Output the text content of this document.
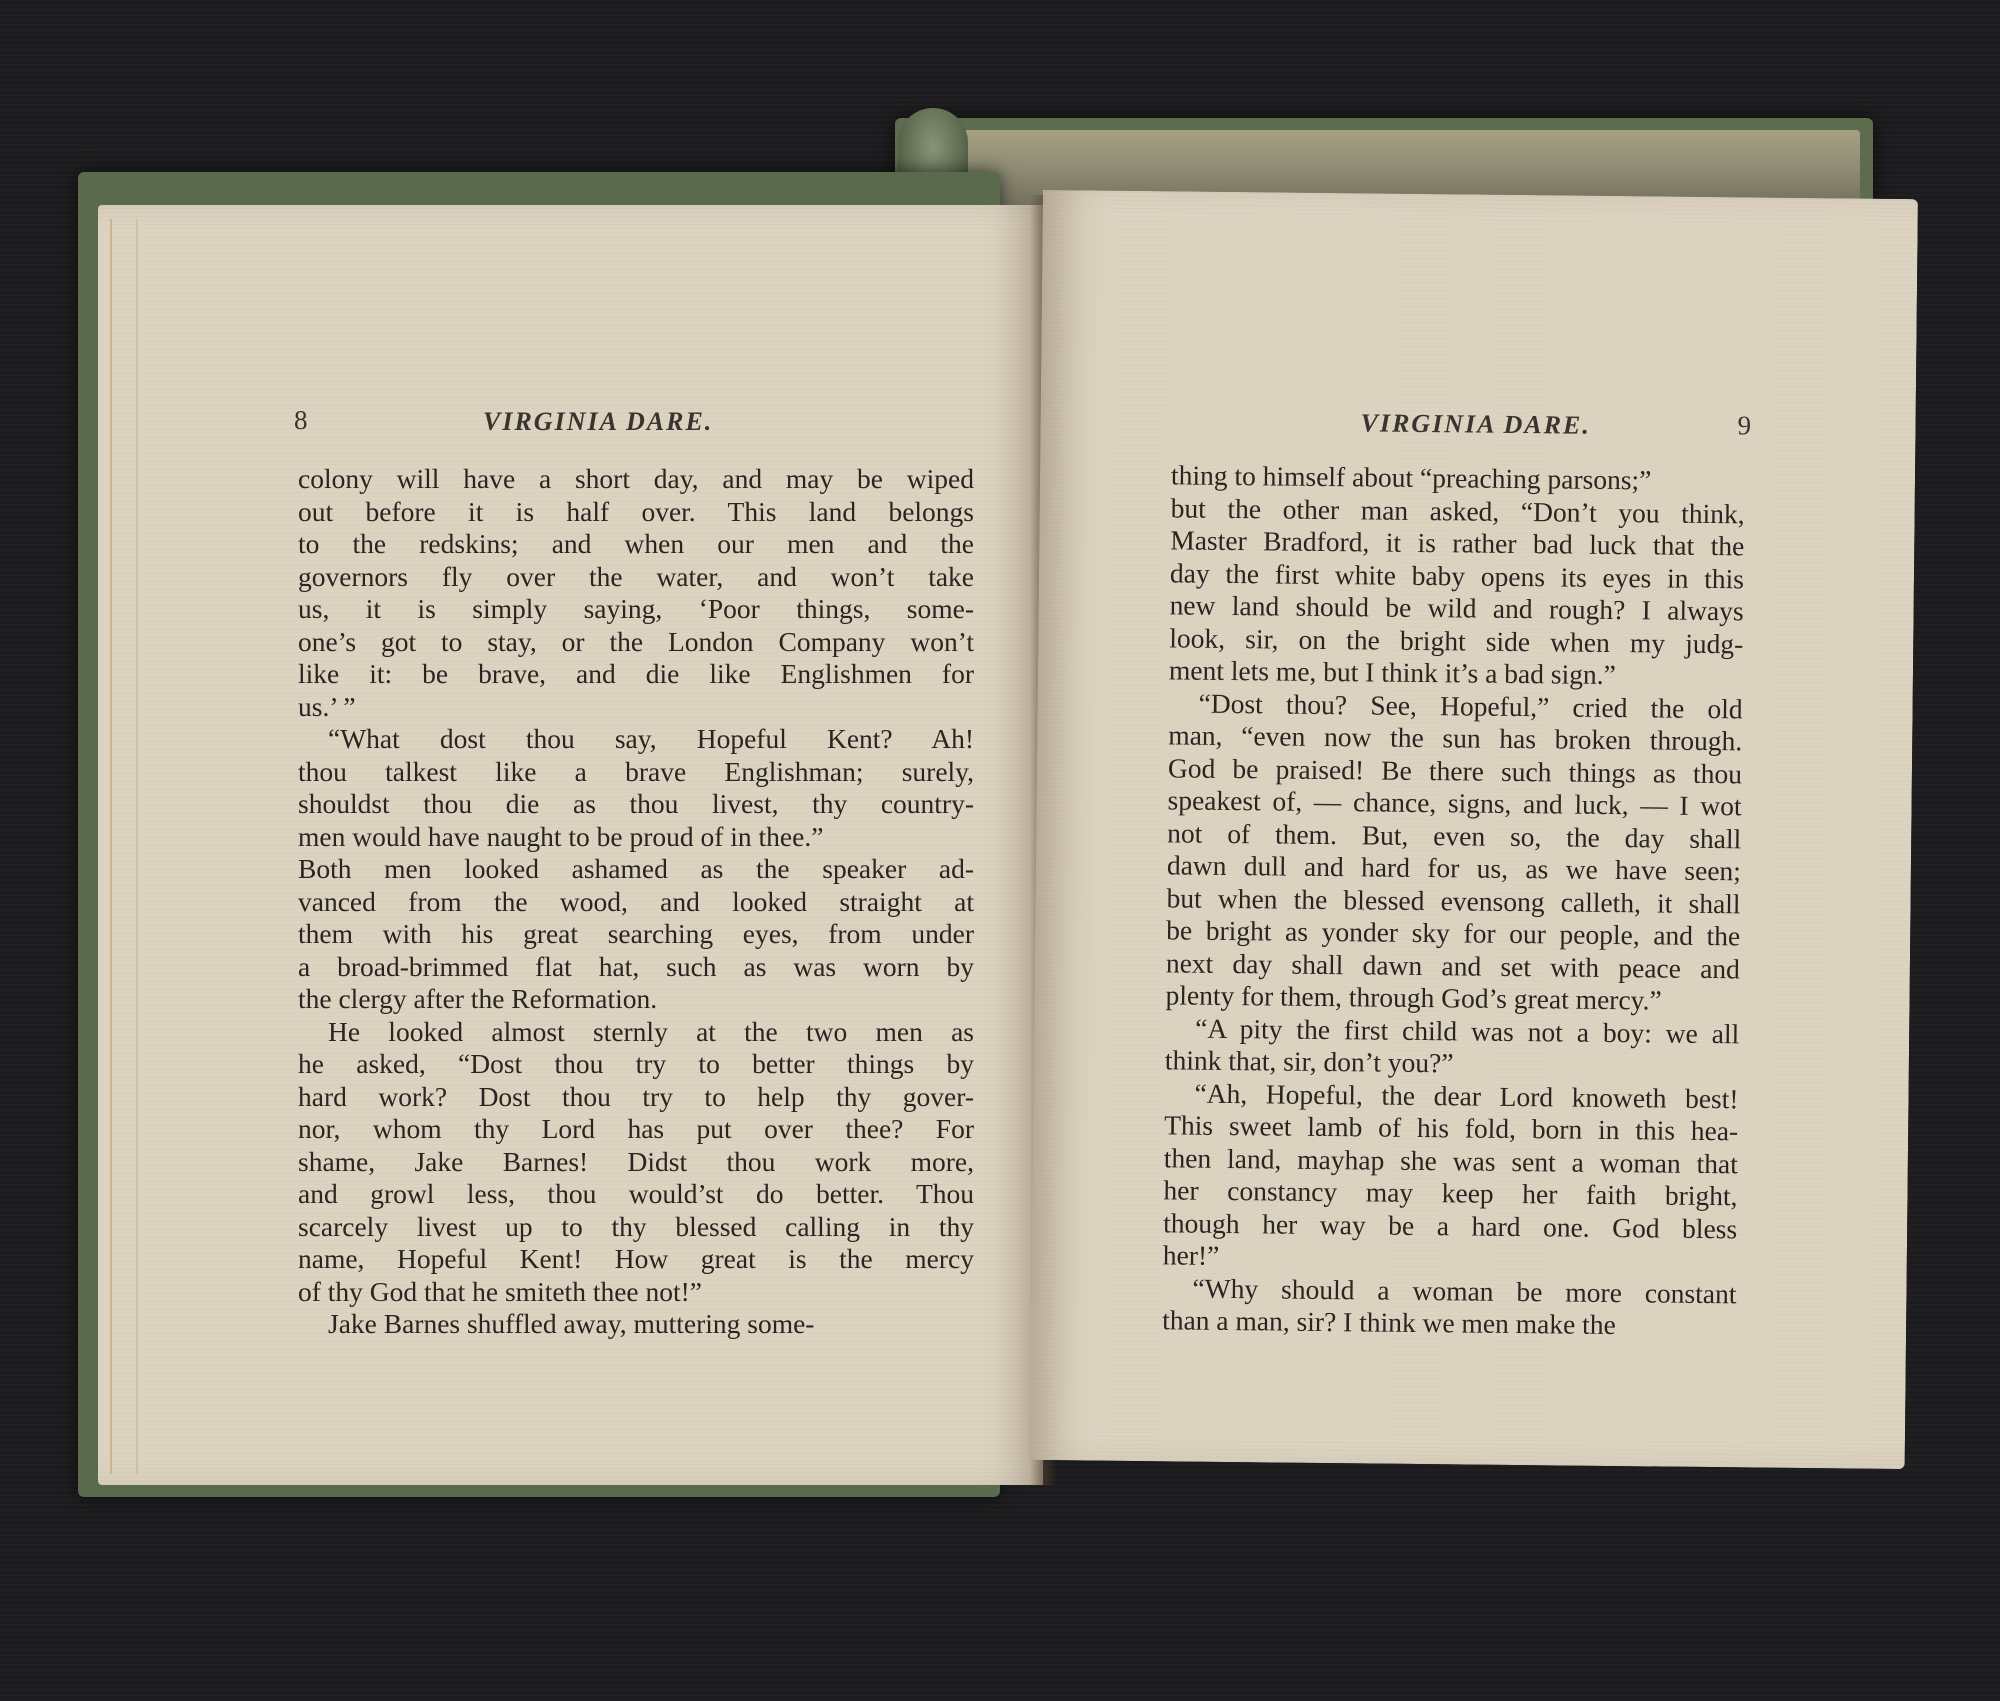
8	VIRGINIA DARE.
colony will have a short day, and may be wiped
out before it is half over. This land belongs
to the redskins; and when our men and the
governors fly over the water, and won’t take
us, it is simply saying, ‘Poor things, some-
one’s got to stay, or the London Company won’t
like it: be brave, and die like Englishmen for
us.’ ”
“What dost thou say, Hopeful Kent? Ah!
thou talkest like a brave Englishman; surely,
shouldst thou die as thou livest, thy country-
men would have naught to be proud of in thee.”
Both men looked ashamed as the speaker ad-
vanced from the wood, and looked straight at
them with his great searching eyes, from under
a broad-brimmed flat hat, such as was worn by
the clergy after the Reformation.
He looked almost sternly at the two men as
he asked, “Dost thou try to better things by
hard work? Dost thou try to help thy gover-
nor, whom thy Lord has put over thee? For
shame, Jake Barnes! Didst thou work more,
and growl less, thou would’st do better. Thou
scarcely livest up to thy blessed calling in thy
name, Hopeful Kent! How great is the mercy
of thy God that he smiteth thee not!”
Jake Barnes shuffled away, muttering some-
VIRGINIA DARE.	9
thing to himself about “preaching parsons;”
but the other man asked, “Don’t you think,
Master Bradford, it is rather bad luck that the
day the first white baby opens its eyes in this
new land should be wild and rough? I always
look, sir, on the bright side when my judg-
ment lets me, but I think it’s a bad sign.”
“Dost thou? See, Hopeful,” cried the old
man, “even now the sun has broken through.
God be praised! Be there such things as thou
speakest of, — chance, signs, and luck, — I wot
not of them. But, even so, the day shall
dawn dull and hard for us, as we have seen;
but when the blessed evensong calleth, it shall
be bright as yonder sky for our people, and the
next day shall dawn and set with peace and
plenty for them, through God’s great mercy.”
“A pity the first child was not a boy: we all
think that, sir, don’t you?”
“Ah, Hopeful, the dear Lord knoweth best!
This sweet lamb of his fold, born in this hea-
then land, mayhap she was sent a woman that
her constancy may keep her faith bright,
though her way be a hard one. God bless
her!”
“Why should a woman be more constant
than a man, sir? I think we men make the
